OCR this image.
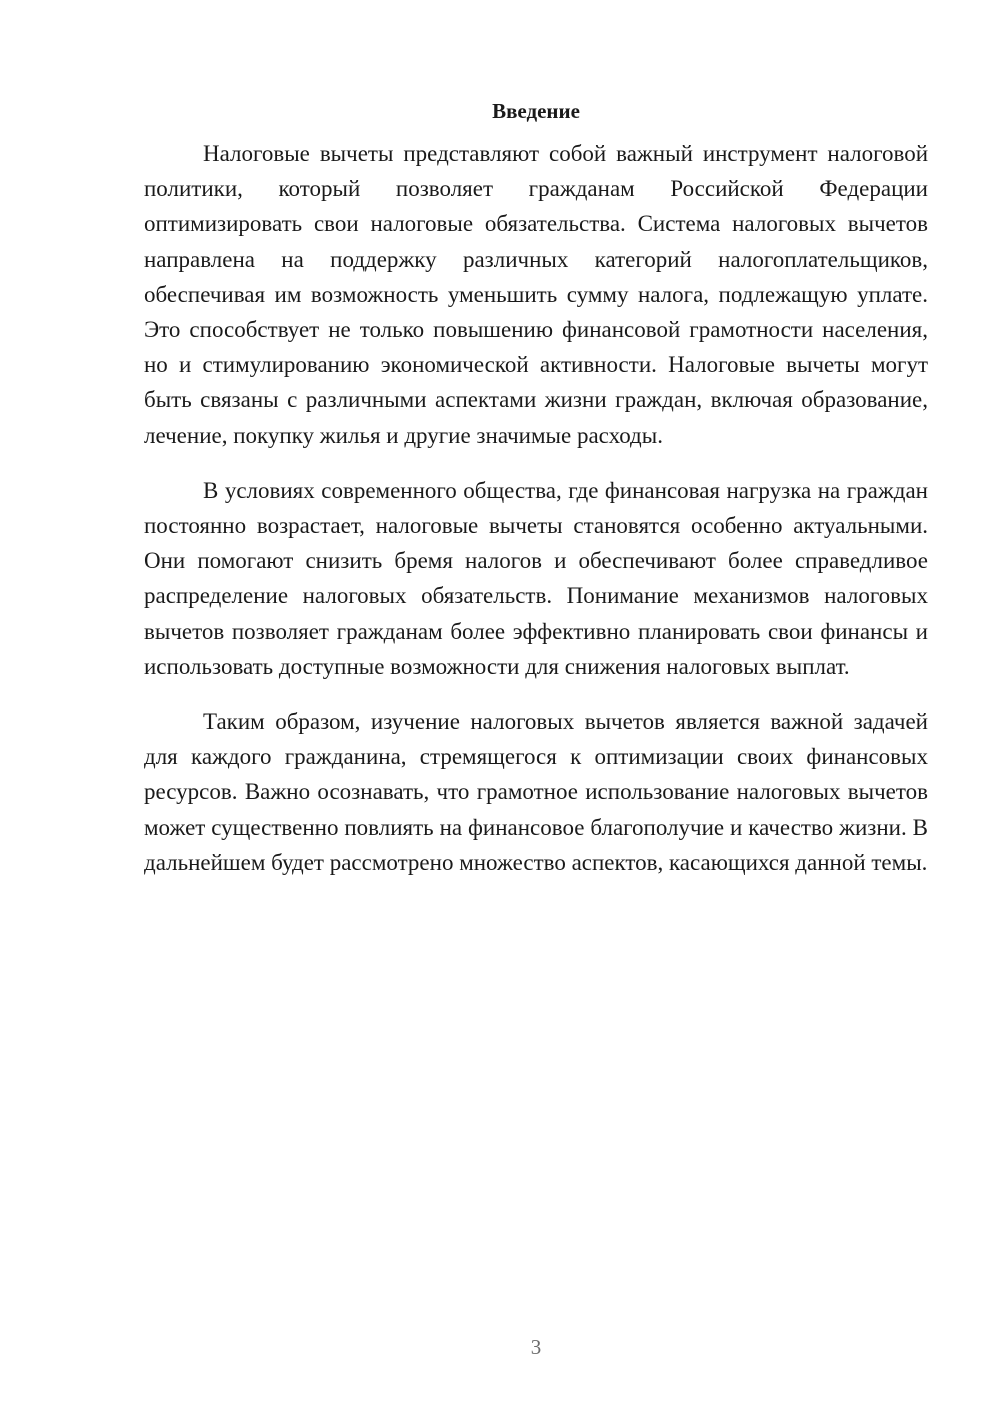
Введение

Налоговые вычеты представляют собой важный инструмент налоговой политики, который позволяет гражданам Российской Федерации оптимизировать свои налоговые обязательства. Система налоговых вычетов направлена на поддержку различных категорий налогоплательщиков, обеспечивая им возможность уменьшить сумму налога, подлежащую уплате. Это способствует не только повышению финансовой грамотности населения, но и стимулированию экономической активности. Налоговые вычеты могут быть связаны с различными аспектами жизни граждан, включая образование, лечение, покупку жилья и другие значимые расходы.

В условиях современного общества, где финансовая нагрузка на граждан постоянно возрастает, налоговые вычеты становятся особенно актуальными. Они помогают снизить бремя налогов и обеспечивают более справедливое распределение налоговых обязательств. Понимание механизмов налоговых вычетов позволяет гражданам более эффективно планировать свои финансы и использовать доступные возможности для снижения налоговых выплат.

Таким образом, изучение налоговых вычетов является важной задачей для каждого гражданина, стремящегося к оптимизации своих финансовых ресурсов. Важно осознавать, что грамотное использование налоговых вычетов может существенно повлиять на финансовое благополучие и качество жизни. В дальнейшем будет рассмотрено множество аспектов, касающихся данной темы.

3
